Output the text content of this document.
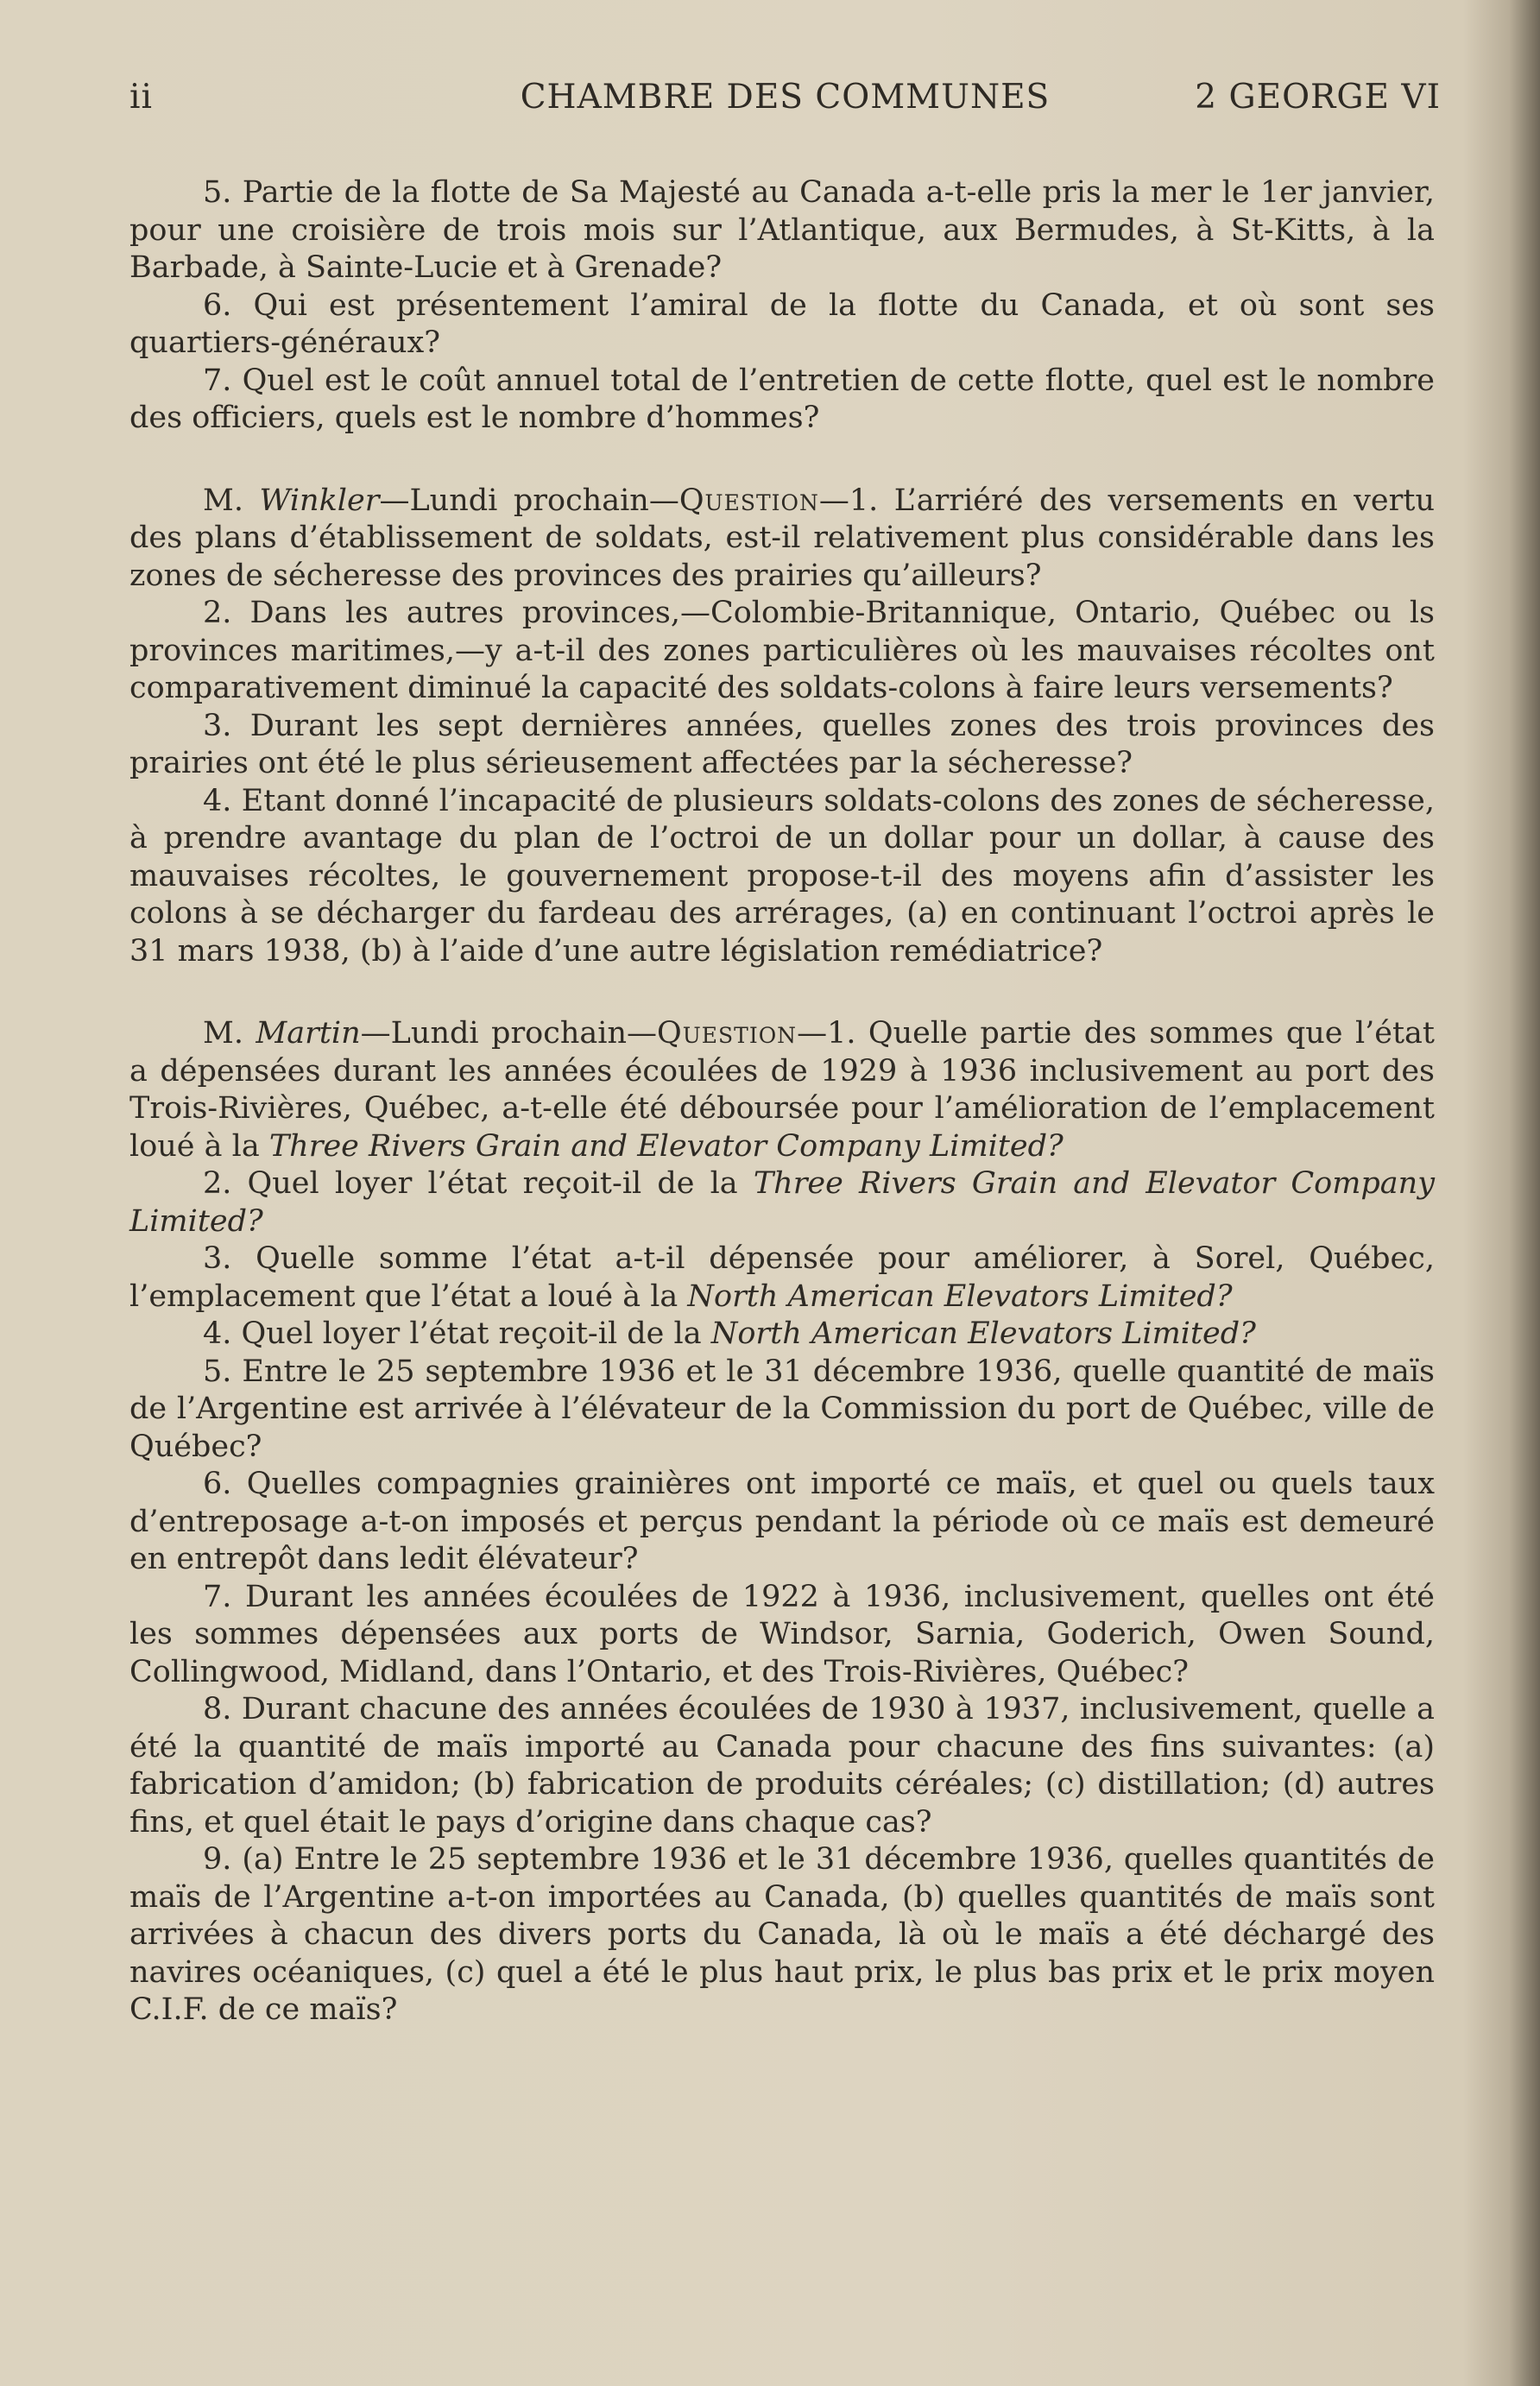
ii	CHAMBRE DES COMMUNES	2 GEORGE VI

5. Partie de la flotte de Sa Majesté au Canada a-t-elle pris la mer le 1er janvier, pour une croisière de trois mois sur l’Atlantique, aux Bermudes, à St-Kitts, à la Barbade, à Sainte-Lucie et à Grenade?

6. Qui est présentement l’amiral de la flotte du Canada, et où sont ses quartiers-généraux?

7. Quel est le coût annuel total de l’entretien de cette flotte, quel est le nombre des officiers, quels est le nombre d’hommes?

M. Winkler—Lundi prochain—Question—1. L’arriéré des versements en vertu des plans d’établissement de soldats, est-il relativement plus considérable dans les zones de sécheresse des provinces des prairies qu’ailleurs?

2. Dans les autres provinces,—Colombie-Britannique, Ontario, Québec ou ls provinces maritimes,—y a-t-il des zones particulières où les mauvaises récoltes ont comparativement diminué la capacité des soldats-colons à faire leurs versements?

3. Durant les sept dernières années, quelles zones des trois provinces des prairies ont été le plus sérieusement affectées par la sécheresse?

4. Etant donné l’incapacité de plusieurs soldats-colons des zones de sécheresse, à prendre avantage du plan de l’octroi de un dollar pour un dollar, à cause des mauvaises récoltes, le gouvernement propose-t-il des moyens afin d’assister les colons à se décharger du fardeau des arrérages, (a) en continuant l’octroi après le 31 mars 1938, (b) à l’aide d’une autre législation remédiatrice?

M. Martin—Lundi prochain—Question—1. Quelle partie des sommes que l’état a dépensées durant les années écoulées de 1929 à 1936 inclusivement au port des Trois-Rivières, Québec, a-t-elle été déboursée pour l’amélioration de l’emplacement loué à la Three Rivers Grain and Elevator Company Limited?

2. Quel loyer l’état reçoit-il de la Three Rivers Grain and Elevator Company Limited?

3. Quelle somme l’état a-t-il dépensée pour améliorer, à Sorel, Québec, l’emplacement que l’état a loué à la North American Elevators Limited?

4. Quel loyer l’état reçoit-il de la North American Elevators Limited?

5. Entre le 25 septembre 1936 et le 31 décembre 1936, quelle quantité de maïs de l’Argentine est arrivée à l’élévateur de la Commission du port de Québec, ville de Québec?

6. Quelles compagnies grainières ont importé ce maïs, et quel ou quels taux d’entreposage a-t-on imposés et perçus pendant la période où ce maïs est demeuré en entrepôt dans ledit élévateur?

7. Durant les années écoulées de 1922 à 1936, inclusivement, quelles ont été les sommes dépensées aux ports de Windsor, Sarnia, Goderich, Owen Sound, Collingwood, Midland, dans l’Ontario, et des Trois-Rivières, Québec?

8. Durant chacune des années écoulées de 1930 à 1937, inclusivement, quelle a été la quantité de maïs importé au Canada pour chacune des fins suivantes: (a) fabrication d’amidon; (b) fabrication de produits céréales; (c) distillation; (d) autres fins, et quel était le pays d’origine dans chaque cas?

9. (a) Entre le 25 septembre 1936 et le 31 décembre 1936, quelles quantités de maïs de l’Argentine a-t-on importées au Canada, (b) quelles quantités de maïs sont arrivées à chacun des divers ports du Canada, là où le maïs a été déchargé des navires océaniques, (c) quel a été le plus haut prix, le plus bas prix et le prix moyen C.I.F. de ce maïs?
